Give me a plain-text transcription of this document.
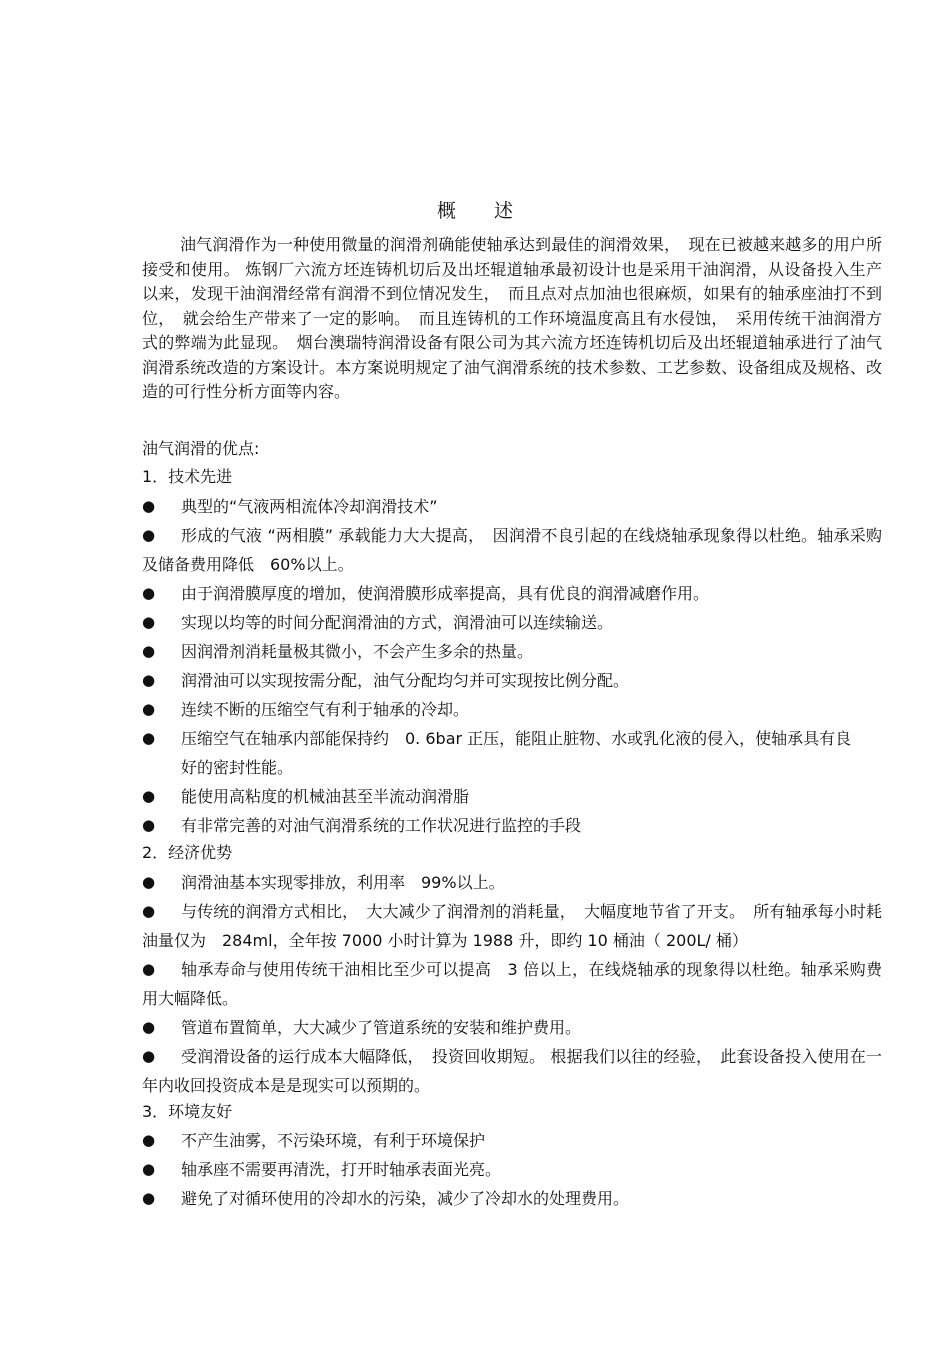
概　　述

油气润滑作为一种使用微量的润滑剂确能使轴承达到最佳的润滑效果，　现在已被越来越多的用户所接受和使用。 炼钢厂六流方坯连铸机切后及出坯辊道轴承最初设计也是采用干油润滑，从设备投入生产以来，发现干油润滑经常有润滑不到位情况发生，　而且点对点加油也很麻烦，如果有的轴承座油打不到位，　就会给生产带来了一定的影响。　而且连铸机的工作环境温度高且有水侵蚀，　采用传统干油润滑方式的弊端为此显现。　烟台澳瑞特润滑设备有限公司为其六流方坯连铸机切后及出坯辊道轴承进行了油气润滑系统改造的方案设计。本方案说明规定了油气润滑系统的技术参数、工艺参数、设备组成及规格、改造的可行性分析方面等内容。

油气润滑的优点:
1．技术先进
●	典型的“气液两相流体冷却润滑技术”
●	形成的气液 “两相膜” 承载能力大大提高，　因润滑不良引起的在线烧轴承现象得以杜绝。轴承采购及储备费用降低　60%以上。
●	由于润滑膜厚度的增加，使润滑膜形成率提高，具有优良的润滑减磨作用。
●	实现以均等的时间分配润滑油的方式，润滑油可以连续输送。
●	因润滑剂消耗量极其微小，不会产生多余的热量。
●	润滑油可以实现按需分配，油气分配均匀并可实现按比例分配。
●	连续不断的压缩空气有利于轴承的冷却。
●	压缩空气在轴承内部能保持约　0. 6bar 正压，能阻止脏物、水或乳化液的侵入，使轴承具有良好的密封性能。
●	能使用高粘度的机械油甚至半流动润滑脂
●	有非常完善的对油气润滑系统的工作状况进行监控的手段
2．经济优势
●	润滑油基本实现零排放，利用率　99%以上。
●	与传统的润滑方式相比，　大大减少了润滑剂的消耗量，　大幅度地节省了开支。　所有轴承每小时耗油量仅为　284ml，全年按 7000 小时计算为 1988 升，即约 10 桶油（ 200L/ 桶）
●	轴承寿命与使用传统干油相比至少可以提高　3 倍以上，在线烧轴承的现象得以杜绝。轴承采购费用大幅降低。
●	管道布置简单，大大减少了管道系统的安装和维护费用。
●	受润滑设备的运行成本大幅降低，　投资回收期短。 根据我们以往的经验，　此套设备投入使用在一年内收回投资成本是是现实可以预期的。
3．环境友好
●	不产生油雾，不污染环境，有利于环境保护
●	轴承座不需要再清洗，打开时轴承表面光亮。
●	避免了对循环使用的冷却水的污染，减少了冷却水的处理费用。
